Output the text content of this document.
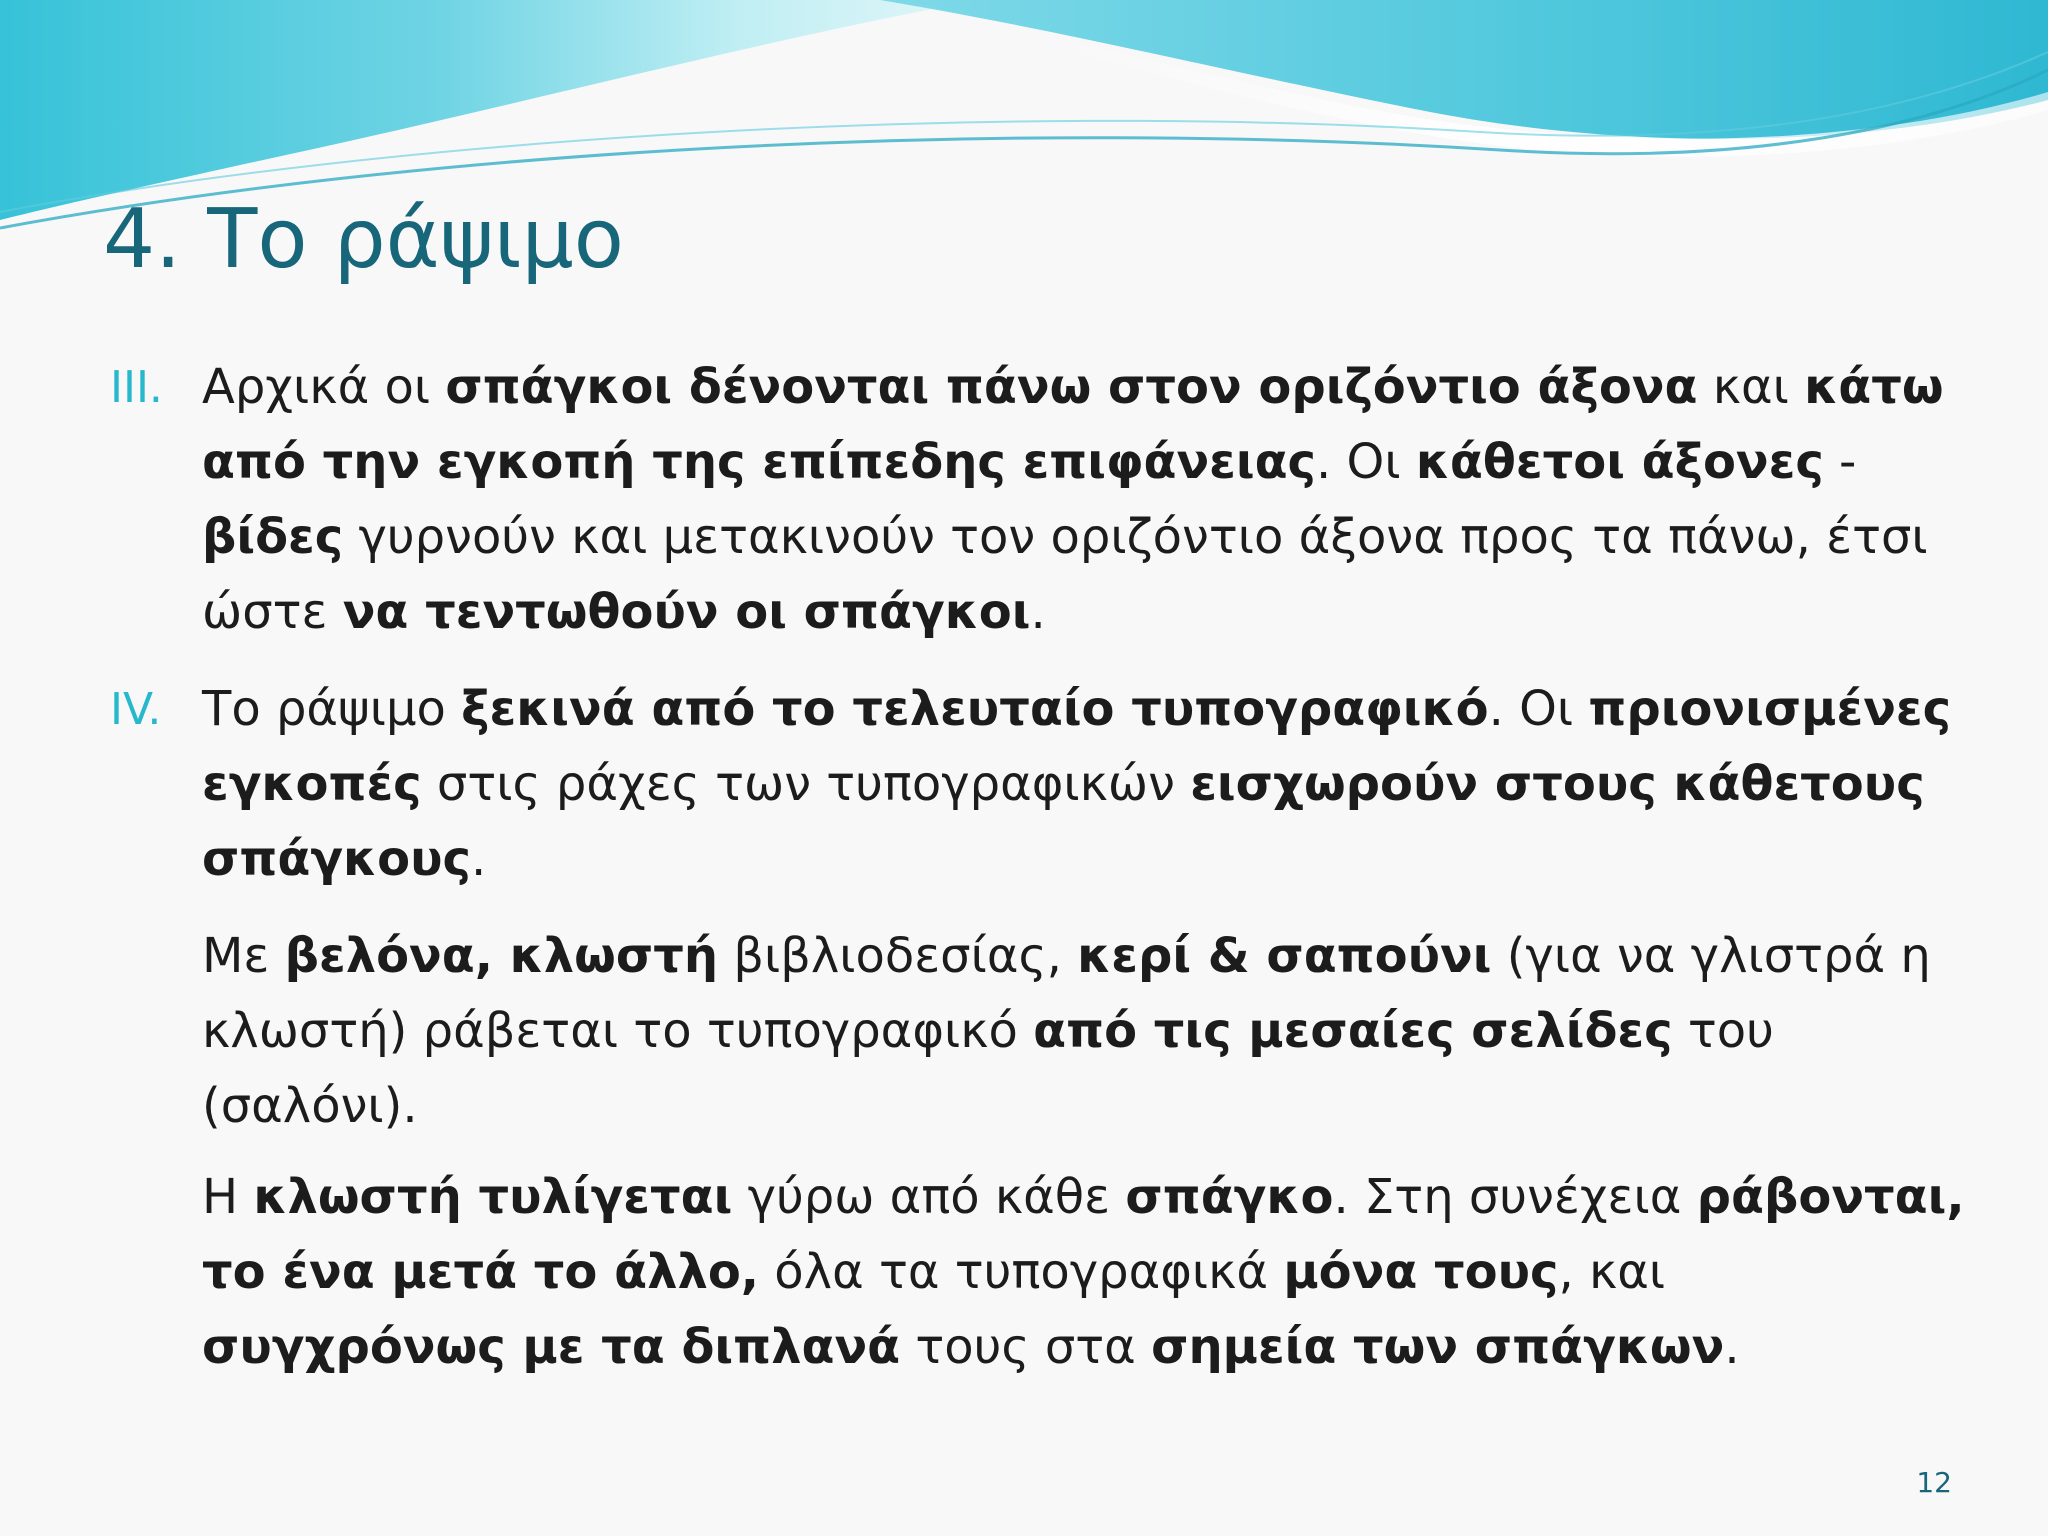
4. Το ράψιμο
III. Αρχικά οι σπάγκοι δένονται πάνω στον οριζόντιο άξονα και κάτω από την εγκοπή της επίπεδης επιφάνειας. Οι κάθετοι άξονες - βίδες γυρνούν και μετακινούν τον οριζόντιο άξονα προς τα πάνω, έτσι ώστε να τεντωθούν οι σπάγκοι.
IV. Το ράψιμο ξεκινά από το τελευταίο τυπογραφικό. Οι πριονισμένες εγκοπές στις ράχες των τυπογραφικών εισχωρούν στους κάθετους σπάγκους.
Με βελόνα, κλωστή βιβλιοδεσίας, κερί & σαπούνι (για να γλιστρά η κλωστή) ράβεται το τυπογραφικό από τις μεσαίες σελίδες του (σαλόνι).
Η κλωστή τυλίγεται γύρω από κάθε σπάγκο. Στη συνέχεια ράβονται, το ένα μετά το άλλο, όλα τα τυπογραφικά μόνα τους, και συγχρόνως με τα διπλανά τους στα σημεία των σπάγκων.
12
